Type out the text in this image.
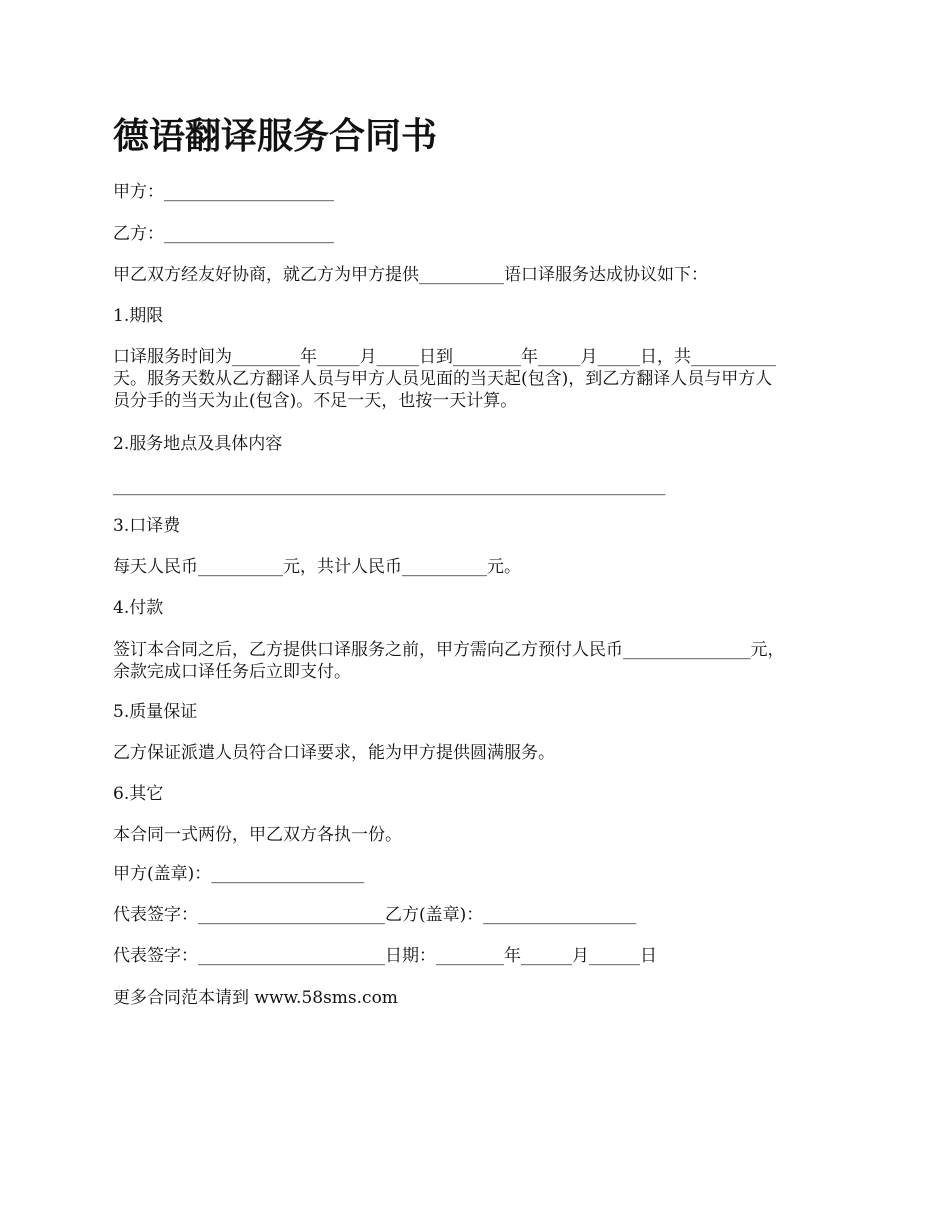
德语翻译服务合同书

甲方：____________________

乙方：____________________

甲乙双方经友好协商，就乙方为甲方提供__________语口译服务达成协议如下：

1.期限

口译服务时间为________年_____月_____日到________年_____月_____日，共__________
天。服务天数从乙方翻译人员与甲方人员见面的当天起(包含)，到乙方翻译人员与甲方人
员分手的当天为止(包含)。不足一天，也按一天计算。

2.服务地点及具体内容

_________________________________________________________________

3.口译费

每天人民币__________元，共计人民币__________元。

4.付款

签订本合同之后，乙方提供口译服务之前，甲方需向乙方预付人民币_______________元，
余款完成口译任务后立即支付。

5.质量保证

乙方保证派遣人员符合口译要求，能为甲方提供圆满服务。

6.其它

本合同一式两份，甲乙双方各执一份。

甲方(盖章)：__________________

代表签字：______________________乙方(盖章)：__________________

代表签字：______________________日期：________年______月______日

更多合同范本请到 www.58sms.com
